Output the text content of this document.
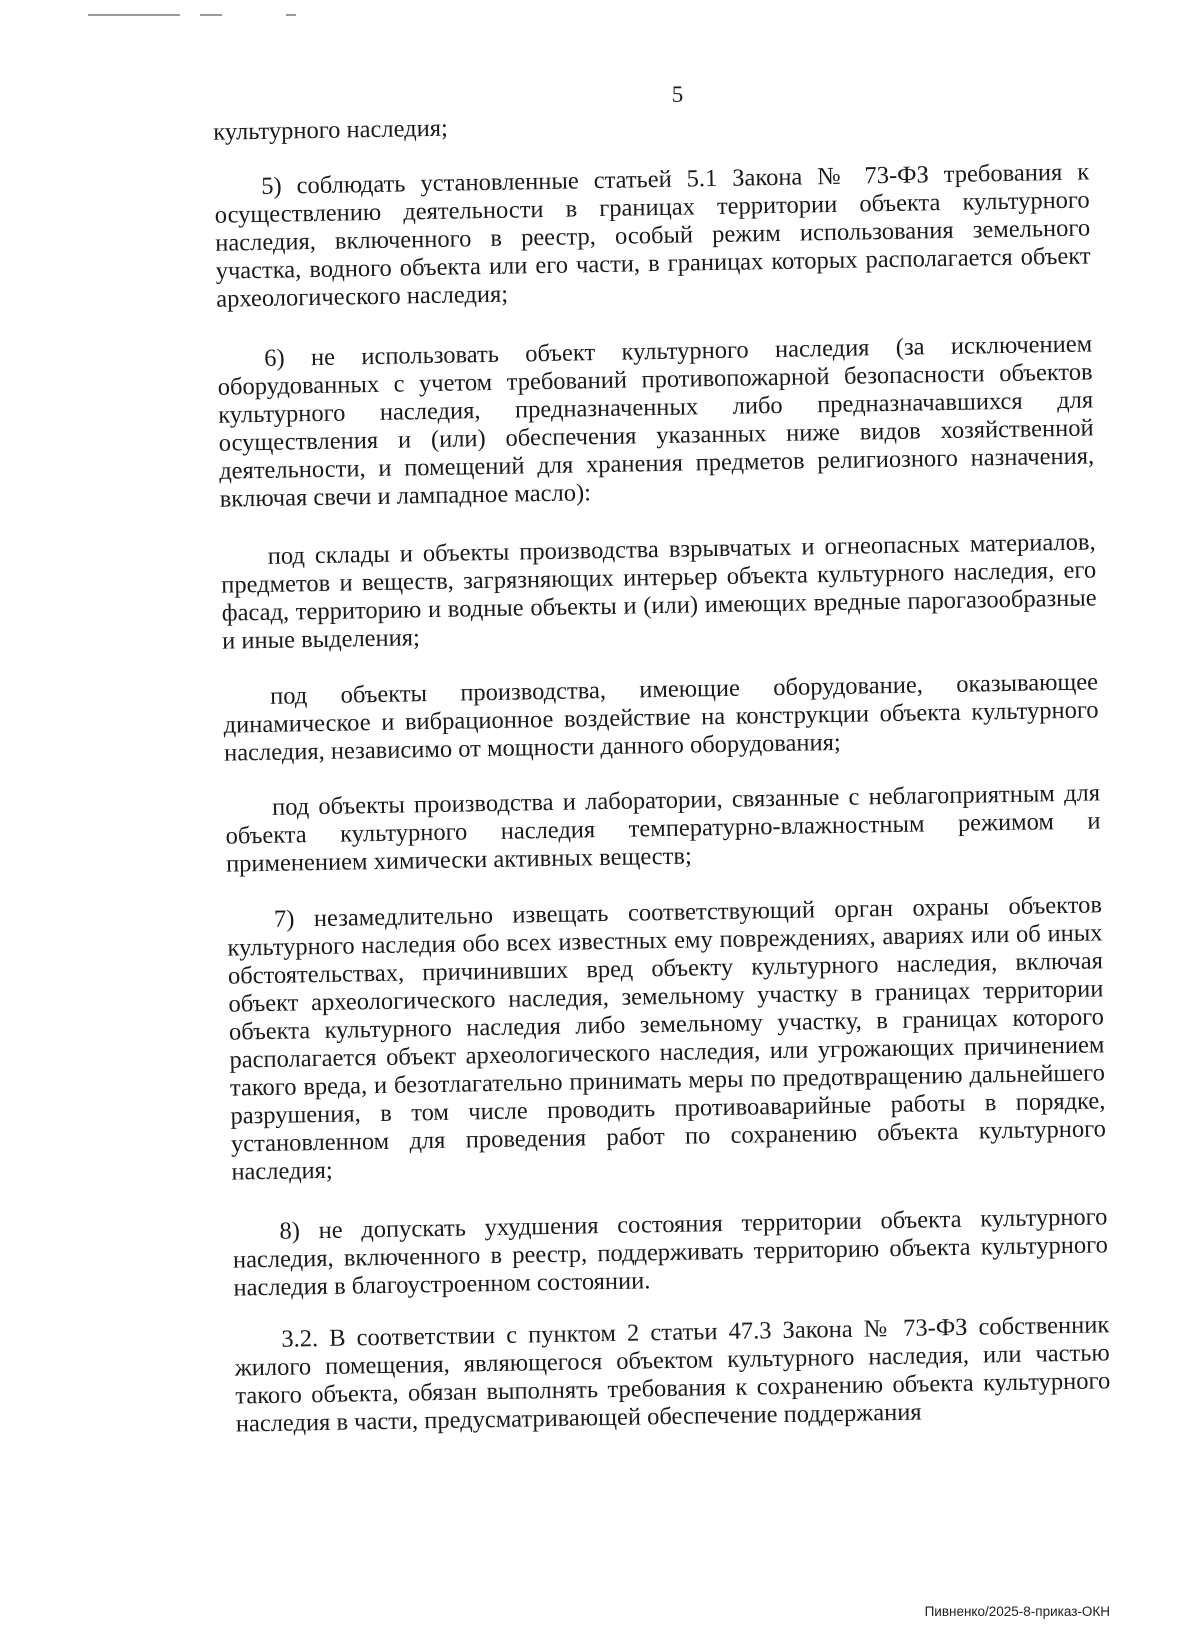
5

культурного наследия;

5) соблюдать установленные статьей 5.1 Закона № 73-ФЗ требования к осуществлению деятельности в границах территории объекта культурного наследия, включенного в реестр, особый режим использования земельного участка, водного объекта или его части, в границах которых располагается объект археологического наследия;

6) не использовать объект культурного наследия (за исключением оборудованных с учетом требований противопожарной безопасности объектов культурного наследия, предназначенных либо предназначавшихся для осуществления и (или) обеспечения указанных ниже видов хозяйственной деятельности, и помещений для хранения предметов религиозного назначения, включая свечи и лампадное масло):

под склады и объекты производства взрывчатых и огнеопасных материалов, предметов и веществ, загрязняющих интерьер объекта культурного наследия, его фасад, территорию и водные объекты и (или) имеющих вредные парогазообразные и иные выделения;

под объекты производства, имеющие оборудование, оказывающее динамическое и вибрационное воздействие на конструкции объекта культурного наследия, независимо от мощности данного оборудования;

под объекты производства и лаборатории, связанные с неблагоприятным для объекта культурного наследия температурно-влажностным режимом и применением химически активных веществ;

7) незамедлительно извещать соответствующий орган охраны объектов культурного наследия обо всех известных ему повреждениях, авариях или об иных обстоятельствах, причинивших вред объекту культурного наследия, включая объект археологического наследия, земельному участку в границах территории объекта культурного наследия либо земельному участку, в границах которого располагается объект археологического наследия, или угрожающих причинением такого вреда, и безотлагательно принимать меры по предотвращению дальнейшего разрушения, в том числе проводить противоаварийные работы в порядке, установленном для проведения работ по сохранению объекта культурного наследия;

8) не допускать ухудшения состояния территории объекта культурного наследия, включенного в реестр, поддерживать территорию объекта культурного наследия в благоустроенном состоянии.

3.2. В соответствии с пунктом 2 статьи 47.3 Закона № 73-ФЗ собственник жилого помещения, являющегося объектом культурного наследия, или частью такого объекта, обязан выполнять требования к сохранению объекта культурного наследия в части, предусматривающей обеспечение поддержания

Пивненко/2025-8-приказ-ОКН
